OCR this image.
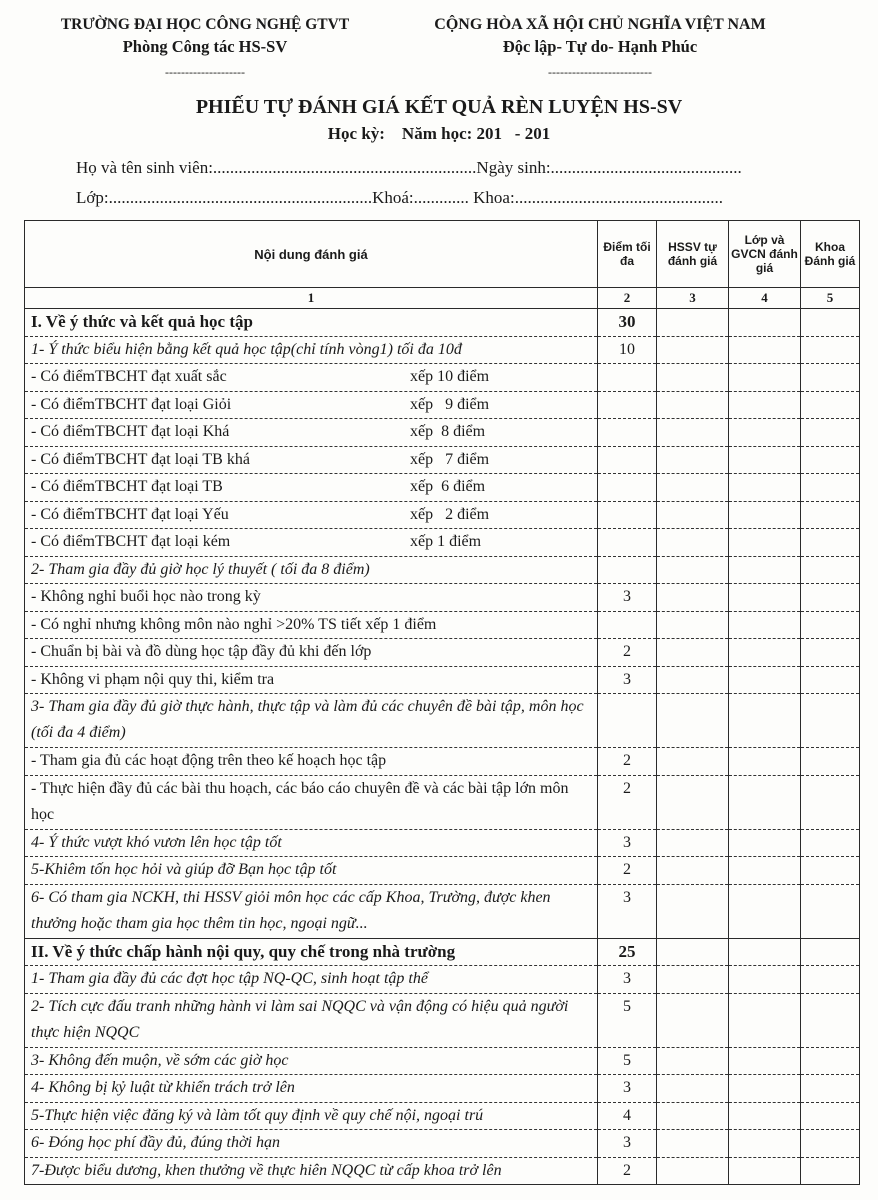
TRƯỜNG ĐẠI HỌC CÔNG NGHỆ GTVT
Phòng Công tác HS-SV
--------------------
CỘNG HÒA XÃ HỘI CHỦ NGHĨA VIỆT NAM
Độc lập- Tự do- Hạnh Phúc
--------------------------
PHIẾU TỰ ĐÁNH GIÁ KẾT QUẢ RÈN LUYỆN HS-SV
Học kỳ:    Năm học: 201   - 201
Họ và tên sinh viên:..............................................................Ngày sinh:.............................................
Lớp:..............................................................Khoá:............. Khoa:.................................................
Nội dung đánh giá	Điểm tối đa	HSSV tự đánh giá	Lớp và GVCN đánh giá	Khoa Đánh giá
1	2	3	4	5
I. Về ý thức và kết quả học tập	30			
1- Ý thức biểu hiện bằng kết quả học tập(chỉ tính vòng1) tối đa 10đ	10			
- Có điểmTBCHT đạt xuất sắc xếp 10 điểm				

- Có điểmTBCHT đạt loại Giỏi xếp   9 điểm				

- Có điểmTBCHT đạt loại Khá xếp  8 điểm				

- Có điểmTBCHT đạt loại TB khá xếp   7 điểm				

- Có điểmTBCHT đạt loại TB xếp  6 điểm				

- Có điểmTBCHT đạt loại Yếu xếp   2 điểm				

- Có điểmTBCHT đạt loại kém xếp 1 điểm				

2- Tham gia đầy đủ giờ học lý thuyết ( tối đa 8 điểm)				
- Không nghỉ buổi học nào trong kỳ	3			
- Có nghỉ nhưng không môn nào nghỉ >20% TS tiết xếp 1 điểm				
- Chuẩn bị bài và đồ dùng học tập đầy đủ khi đến lớp	2			
- Không vi phạm nội quy thi, kiểm tra	3			
3- Tham gia đầy đủ giờ thực hành, thực tập và làm đủ các chuyên đề bài tập, môn học (tối đa 4 điểm)				
- Tham gia đủ các hoạt động trên theo kế hoạch học tập	2			
- Thực hiện đầy đủ các bài thu hoạch, các báo cáo chuyên đề và các bài tập lớn môn học	2			
4- Ý thức vượt khó vươn lên học tập tốt	3			
5-Khiêm tốn học hỏi và giúp đỡ Bạn học tập tốt	2			
6- Có tham gia NCKH, thi HSSV giỏi môn học các cấp Khoa, Trường, được khen thưởng hoặc tham gia học thêm tin học, ngoại ngữ...	3			
II. Về ý thức chấp hành nội quy, quy chế trong nhà trường	25			
1- Tham gia đầy đủ các đợt học tập NQ-QC, sinh hoạt tập thể	3			
2- Tích cực đấu tranh những hành vi làm sai NQQC và vận động có hiệu quả người thực hiện NQQC	5			
3- Không đến muộn, về sớm các giờ học	5			
4- Không bị kỷ luật từ khiển trách trở lên	3			
5-Thực hiện việc đăng ký và làm tốt quy định về quy chế nội, ngoại trú	4			
6- Đóng học phí đầy đủ, đúng thời hạn	3			
7-Được biểu dương, khen thưởng về thực hiên NQQC từ cấp khoa trở lên	2			
